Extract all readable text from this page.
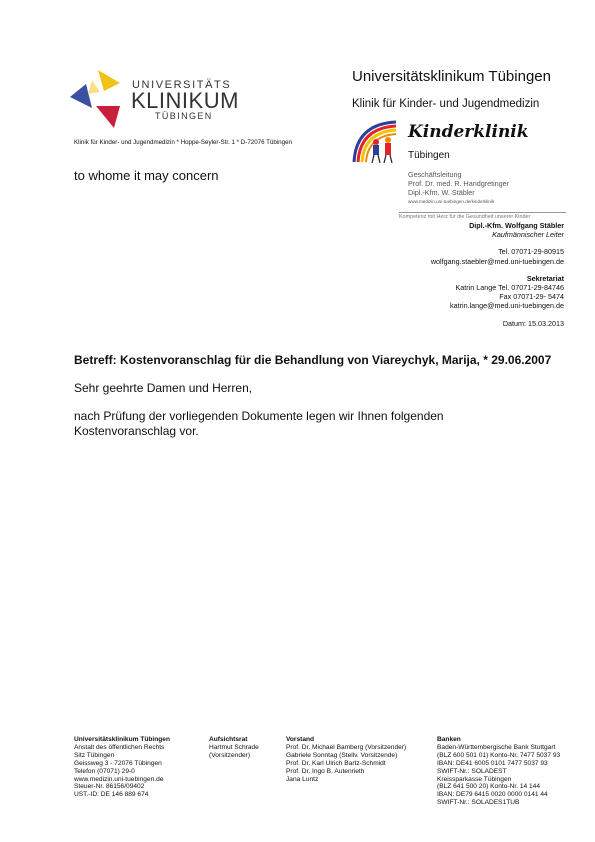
UNIVERSITÄTS
KLINIKUM
TÜBINGEN
Klinik für Kinder- und Jugendmedizin * Hoppe-Seyler-Str. 1 * D-72076 Tübingen
to whome it may concern
Universitätsklinikum Tübingen
Klinik für Kinder- und Jugendmedizin
Kinderklinik
Tübingen
Geschäftsleitung
Prof. Dr. med. R. Handgretinger
Dipl.-Kfm. W. Stäbler
www.medizin.uni-tuebingen.de/kinderklinik
Kompetenz mit Herz für die Gesundheit unserer Kinder
Dipl.-Kfm. Wolfgang Stäbler
Kaufmännischer Leiter
Tel. 07071-29-80915
wolfgang.staebler@med.uni-tuebingen.de
Sekretariat
Katrin Lange Tel. 07071-29-84746
Fax 07071-29- 5474
katrin.lange@med.uni-tuebingen.de
Datum: 15.03.2013
Betreff: Kostenvoranschlag für die Behandlung von Viareychyk, Marija, * 29.06.2007
Sehr geehrte Damen und Herren,
nach Prüfung der vorliegenden Dokumente legen wir Ihnen folgenden Kostenvoranschlag vor.
Universitätsklinikum Tübingen
Anstalt des öffentlichen Rechts
Sitz Tübingen
Geissweg 3 - 72076 Tübingen
Telefon (07071) 29-0
www.medizin.uni-tuebingen.de
Steuer-Nr. 86156/09402
UST.-ID: DE 146 889 674
Aufsichtsrat
Hartmut Schrade
(Vorsitzender)
Vorstand
Prof. Dr. Michael Bamberg (Vorsitzender)
Gabriele Sonntag (Stellv. Vorsitzende)
Prof. Dr. Karl Ulrich Bartz-Schmidt
Prof. Dr. Ingo B. Autenrieth
Jana Luntz
Banken
Baden-Württembergische Bank Stuttgart
(BLZ 600 501 01) Konto-Nr. 7477 5037 93
IBAN: DE41 6005 0101 7477 5037 93
SWIFT-Nr.: SOLADEST
Kreissparkasse Tübingen
(BLZ 641 500 20) Konto-Nr. 14 144
IBAN: DE79 6415 0020 0000 0141 44
SWIFT-Nr.: SOLADES1TUB
